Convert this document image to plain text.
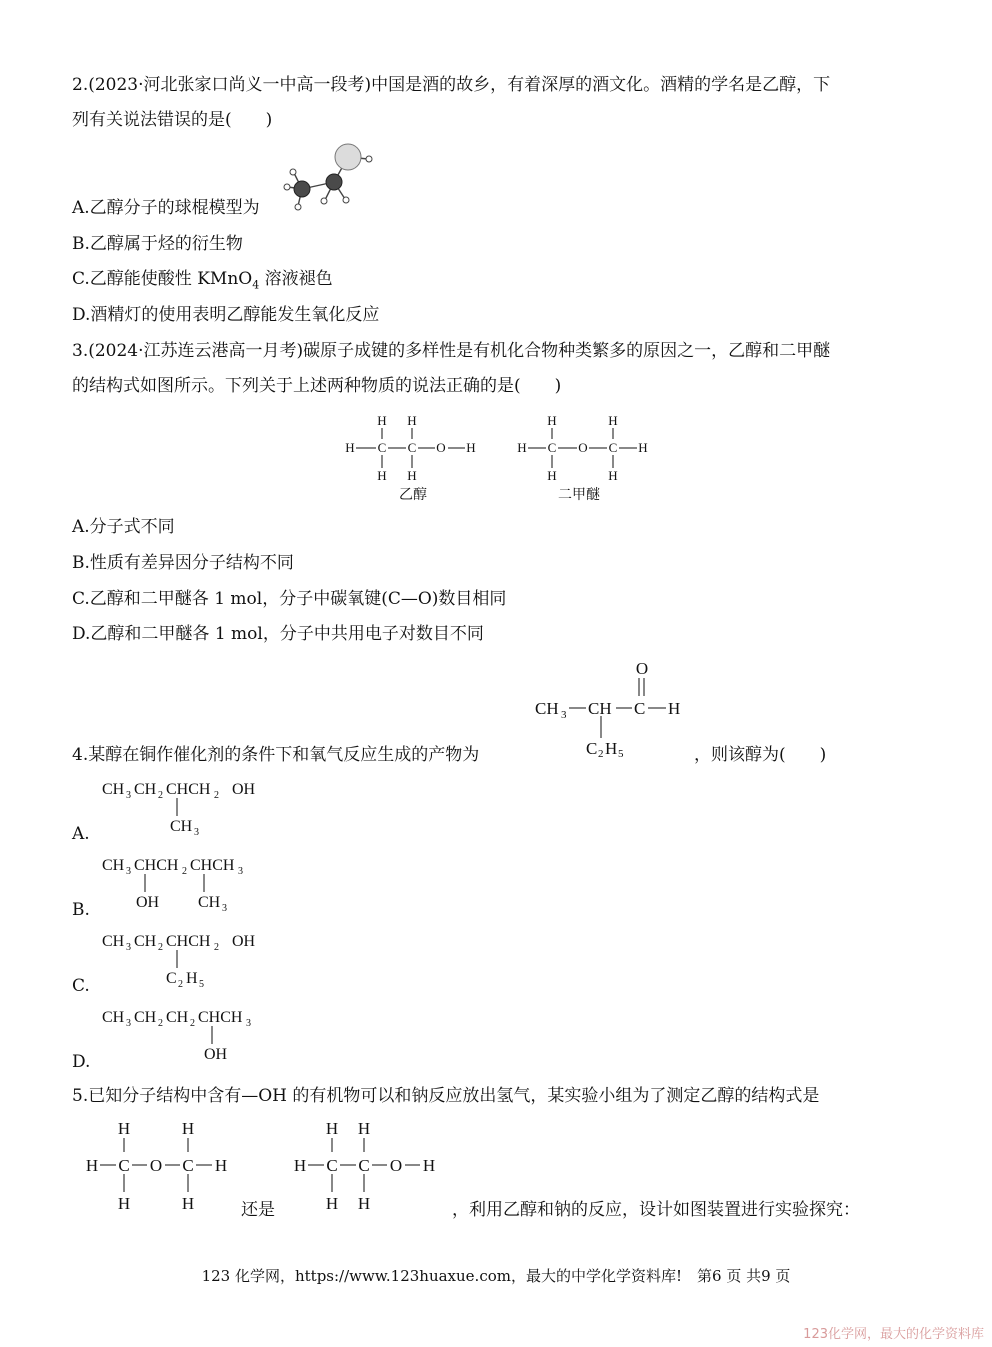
2.(2023·河北张家口尚义一中高一段考)中国是酒的故乡，有着深厚的酒文化。酒精的学名是乙醇，下
列有关说法错误的是(　　)
A.乙醇分子的球棍模型为
B.乙醇属于烃的衍生物
C.乙醇能使酸性 KMnO$_4$ 溶液褪色
D.酒精灯的使用表明乙醇能发生氧化反应
3.(2024·江苏连云港高一月考)碳原子成键的多样性是有机化合物种类繁多的原因之一，乙醇和二甲醚
的结构式如图所示。下列关于上述两种物质的说法正确的是(　　)
H H
H C C O H
H H
乙醇
H	H
H C O C H
H	H
二甲醚
A.分子式不同
B.性质有差异因分子结构不同
C.乙醇和二甲醚各 1 mol，分子中碳氧键(C—O)数目相同
D.乙醇和二甲醚各 1 mol，分子中共用电子对数目不同
O
CH 3 CH C H
C 2 H 5
4.某醇在铜作催化剂的条件下和氧气反应生成的产物为	，则该醇为(　　)
CH 3 CH 2 CHCH 2 OH
CH 3
A.
CH 3 CHCH 2 CHCH 3
OH CH 3
B.
CH 3 CH 2 CHCH 2 OH
C 2 H 5
C.
CH 3 CH 2 CH 2 CHCH 3
OH
D.
5.已知分子结构中含有—OH 的有机物可以和钠反应放出氢气，某实验小组为了测定乙醇的结构式是
H	H
H C O C H
H	H	还是
H H
H C C O H
H H	，利用乙醇和钠的反应，设计如图装置进行实验探究：
123 化学网，https://www.123huaxue.com，最大的中学化学资料库!　第6 页 共9 页
123化学网，最大的化学资料库
